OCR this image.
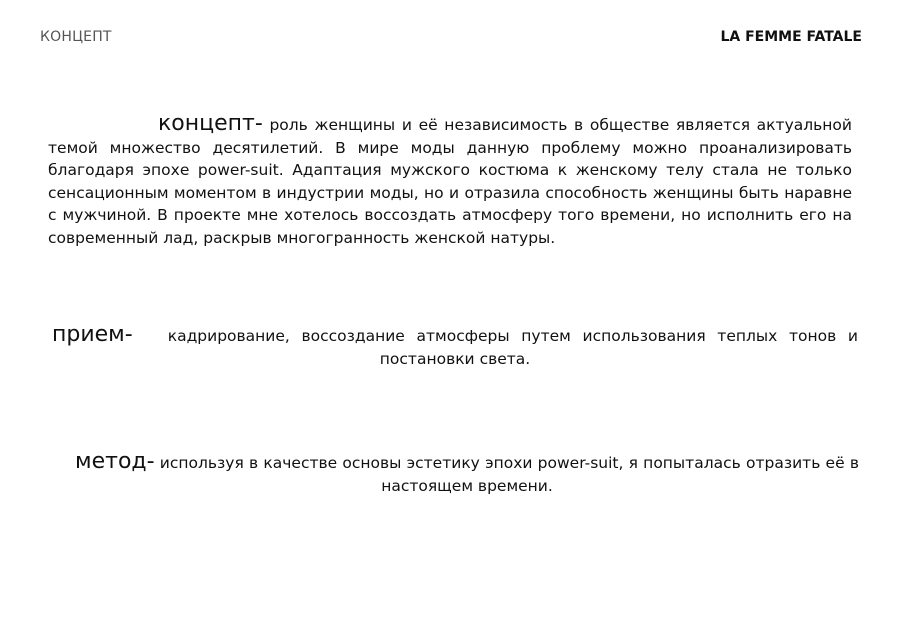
КОНЦЕПТ	LA FEMME FATALE
концепт- роль женщины и её независимость в обществе является актуальной темой множество десятилетий. В мире моды данную проблему можно проанализировать благодаря эпохе power-suit. Адаптация мужского костюма к женскому телу стала не только сенсационным моментом в индустрии моды, но и отразила способность женщины быть наравне с мужчиной. В проекте мне хотелось воссоздать атмосферу того времени, но исполнить его на современный лад, раскрыв многогранность женской натуры.
прием- кадрирование, воссоздание атмосферы путем использования теплых тонов и постановки света.
метод- используя в качестве основы эстетику эпохи power-suit, я попыталась отразить её в настоящем времени.
